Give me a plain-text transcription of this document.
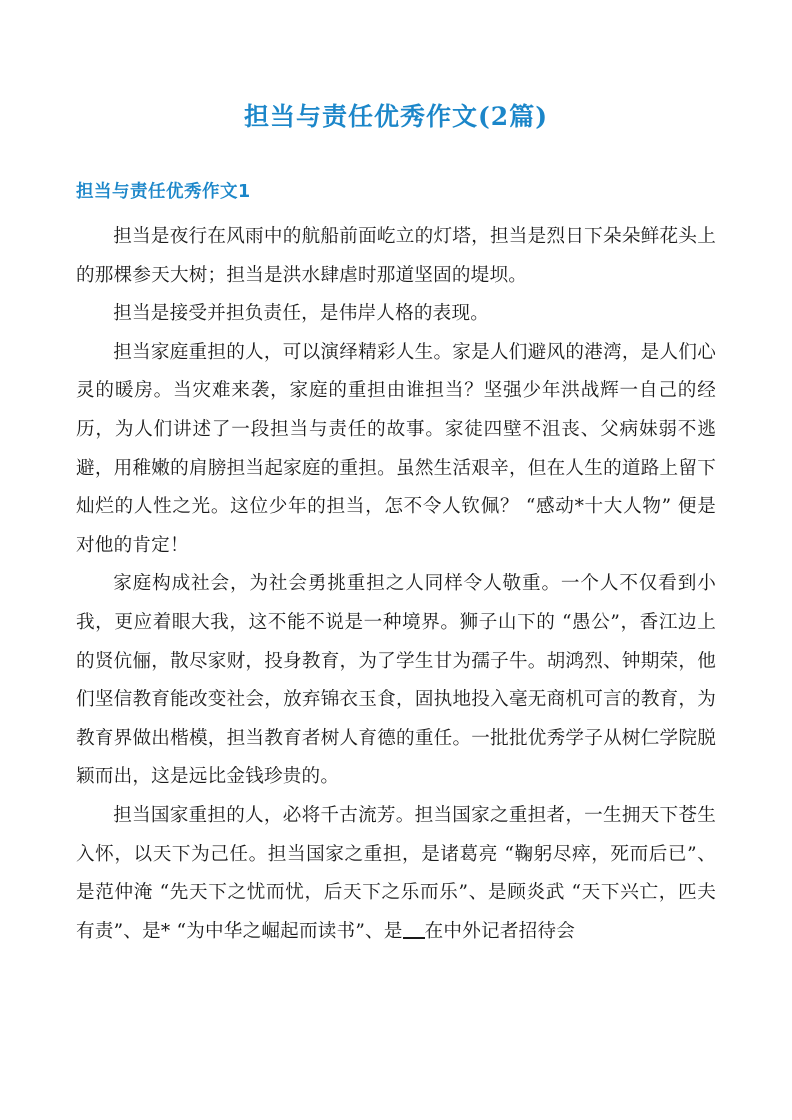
担当与责任优秀作文(2篇)
担当与责任优秀作文1

担当是夜行在风雨中的航船前面屹立的灯塔，担当是烈日下朵朵鲜花头上的那棵参天大树；担当是洪水肆虐时那道坚固的堤坝。

担当是接受并担负责任，是伟岸人格的表现。

担当家庭重担的人，可以演绎精彩人生。家是人们避风的港湾，是人们心灵的暖房。当灾难来袭，家庭的重担由谁担当？坚强少年洪战辉一自己的经历，为人们讲述了一段担当与责任的故事。家徒四壁不沮丧、父病妹弱不逃避，用稚嫩的肩膀担当起家庭的重担。虽然生活艰辛，但在人生的道路上留下灿烂的人性之光。这位少年的担当，怎不令人钦佩？ “感动*十大人物” 便是对他的肯定！

家庭构成社会，为社会勇挑重担之人同样令人敬重。一个人不仅看到小我，更应着眼大我，这不能不说是一种境界。狮子山下的 “愚公”，香江边上的贤伉俪，散尽家财，投身教育，为了学生甘为孺子牛。胡鸿烈、钟期荣，他们坚信教育能改变社会，放弃锦衣玉食，固执地投入毫无商机可言的教育，为教育界做出楷模，担当教育者树人育德的重任。一批批优秀学子从树仁学院脱颖而出，这是远比金钱珍贵的。

担当国家重担的人，必将千古流芳。担当国家之重担者，一生拥天下苍生入怀，以天下为己任。担当国家之重担，是诸葛亮 “鞠躬尽瘁，死而后已”、是范仲淹 “先天下之忧而忧，后天下之乐而乐”、是顾炎武 “天下兴亡，匹夫有责”、是* “为中华之崛起而读书”、是 在中外记者招待会
